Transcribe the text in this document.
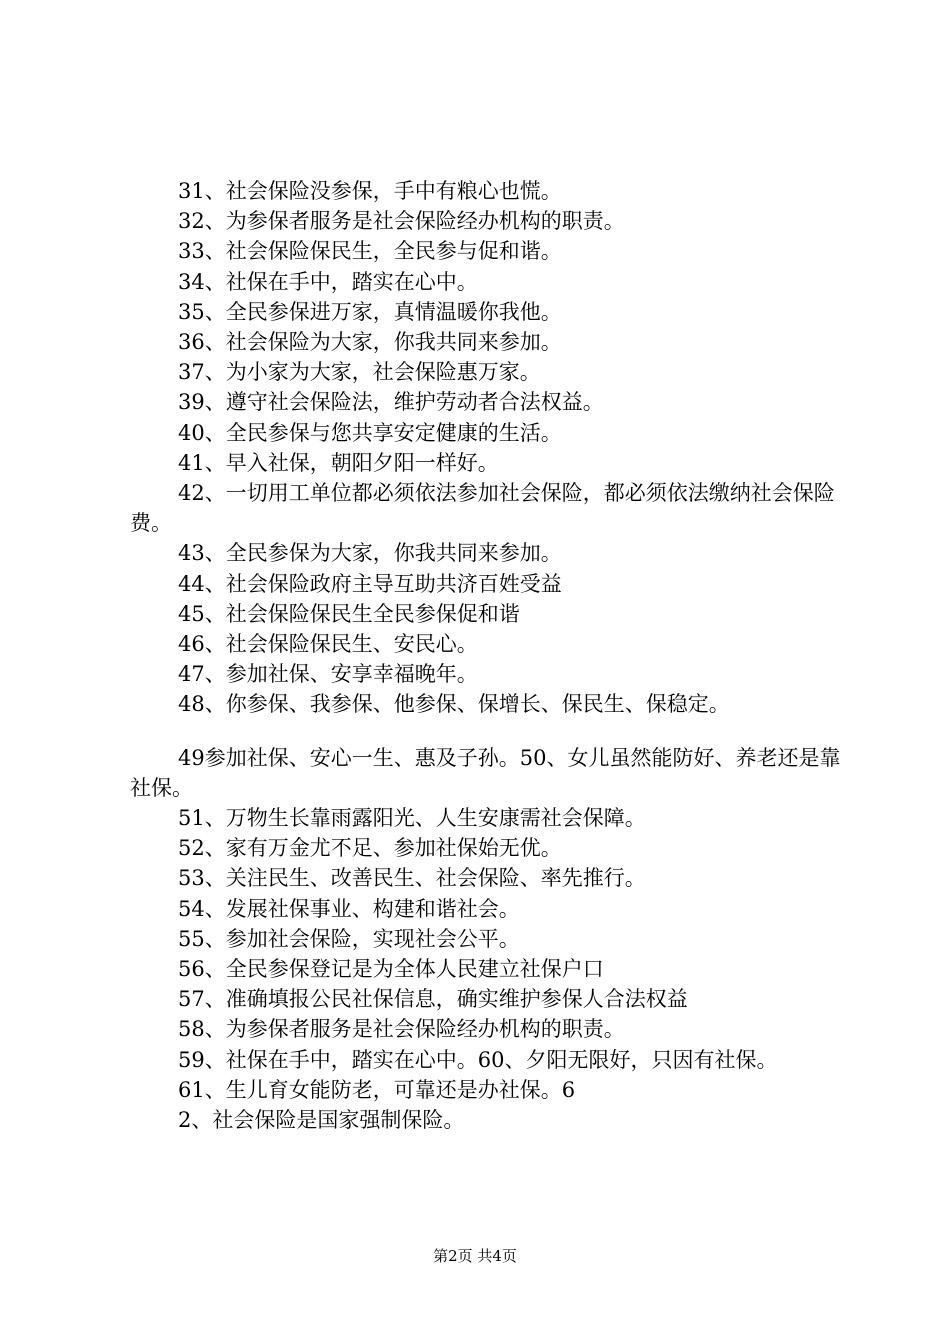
31、社会保险没参保，手中有粮心也慌。

32、为参保者服务是社会保险经办机构的职责。

33、社会保险保民生，全民参与促和谐。

34、社保在手中，踏实在心中。

35、全民参保进万家，真情温暖你我他。

36、社会保险为大家，你我共同来参加。

37、为小家为大家，社会保险惠万家。

39、遵守社会保险法，维护劳动者合法权益。

40、全民参保与您共享安定健康的生活。

41、早入社保，朝阳夕阳一样好。

42、一切用工单位都必须依法参加社会保险，都必须依法缴纳社会保险费。

43、全民参保为大家，你我共同来参加。

44、社会保险政府主导互助共济百姓受益

45、社会保险保民生全民参保促和谐

46、社会保险保民生、安民心。

47、参加社保、安享幸福晚年。

48、你参保、我参保、他参保、保增长、保民生、保稳定。

49参加社保、安心一生、惠及子孙。50、女儿虽然能防好、养老还是靠社保。

51、万物生长靠雨露阳光、人生安康需社会保障。

52、家有万金尤不足、参加社保始无优。

53、关注民生、改善民生、社会保险、率先推行。

54、发展社保事业、构建和谐社会。

55、参加社会保险，实现社会公平。

56、全民参保登记是为全体人民建立社保户口

57、准确填报公民社保信息，确实维护参保人合法权益

58、为参保者服务是社会保险经办机构的职责。

59、社保在手中，踏实在心中。60、夕阳无限好，只因有社保。

61、生儿育女能防老，可靠还是办社保。6

2、社会保险是国家强制保险。

第2页 共4页
